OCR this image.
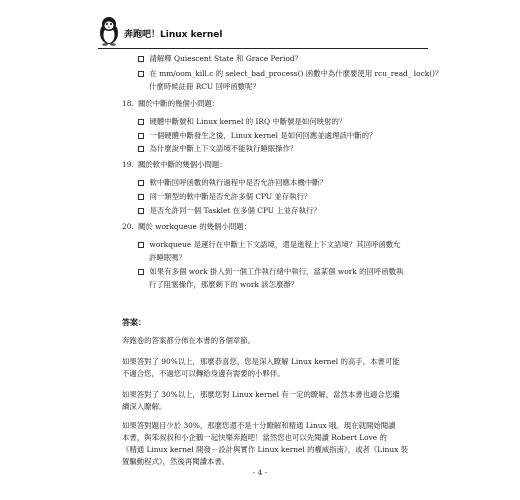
奔跑吧！Linux kernel
請解釋 Quiescent State 和 Grace Period？
在 mm/oom_kill.c 的 select_bad_process() 函數中為什麼要使用 rcu_read_ lock()？
什麼時候註冊 RCU 回呼函數呢？
18. 關於中斷的幾個小問題：
硬體中斷號和 Linux kernel 的 IRQ 中斷號是如何映射的？
一個硬體中斷發生之後，Linux kernel 是如何回應並處理該中斷的？
為什麼說中斷上下文語境不能執行睡眠操作？
19. 關於軟中斷的幾個小問題：
軟中斷回呼函數的執行過程中是否允許回應本機中斷？
同一類型的軟中斷是否允許多個 CPU 並存執行？
是否允許同一個 Tasklet 在多個 CPU 上並存執行？
20. 關於 workqueue 的幾個小問題：
workqueue 是運行在中斷上下文語境，還是進程上下文語境？其回呼函數允
許睡眠嗎？
如果有多個 work 掛入到一個工作執行緒中執行，當某個 work 的回呼函數執
行了阻塞操作，那麼剩下的 work 該怎麼辦？
答案：
奔跑卷的答案都分佈在本書的各個章節。
如果答對了 90%以上，那麼恭喜您，您是深入瞭解 Linux kernel 的高手，本書可能
不適合您，不過您可以轉給身邊有需要的小夥伴。
如果答對了 30%以上，那麼您對 Linux kernel 有一定的瞭解，當然本書也適合您繼
續深入瞭解。
如果答對題目少於 30%，那麼您還不是十分瞭解和精通 Linux 哦。現在就開始閱讀
本書，與笨叔叔和小企鵝一起快樂奔跑吧！當然您也可以先閱讀 Robert Love 的
《精通 Linux kernel 開發－設計與實作 Linux kernel 的權威指南》，或者《Linux 裝
置驅動程式》，然後再閱讀本書。
- 4 -
